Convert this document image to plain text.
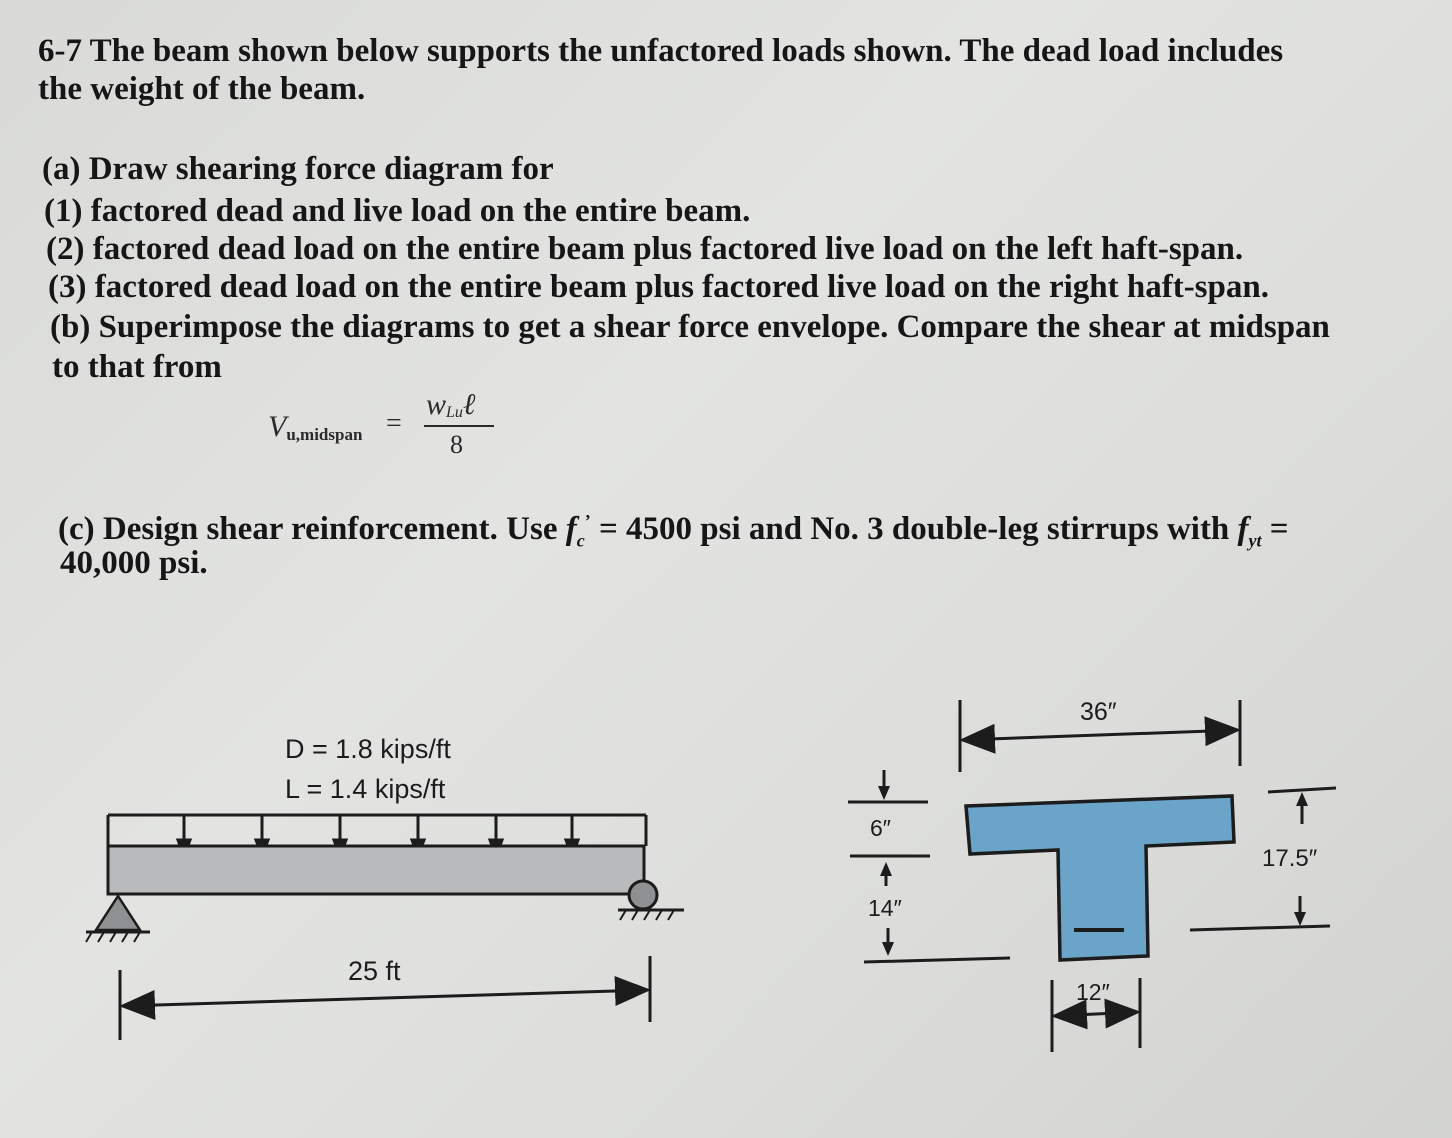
6-7 The beam shown below supports the unfactored loads shown. The dead load includes

the weight of the beam.

(a) Draw shearing force diagram for

(1) factored dead and live load on the entire beam.

(2) factored dead load on the entire beam plus factored live load on the left haft-span.

(3) factored dead load on the entire beam plus factored live load on the right haft-span.

(b) Superimpose the diagrams to get a shear force envelope. Compare the shear at midspan

to that from

$V_{u,midspan}$ =
$w_{Lu}\ell$
8

(c) Design shear reinforcement. Use $f_c^’ = 4500$ psi and No. 3 double-leg stirrups with $f_{yt}$ =

40,000 psi.

D = 1.8 kips/ft
L = 1.4 kips/ft
25 ft
36″
6″
14″
17.5″
12″
